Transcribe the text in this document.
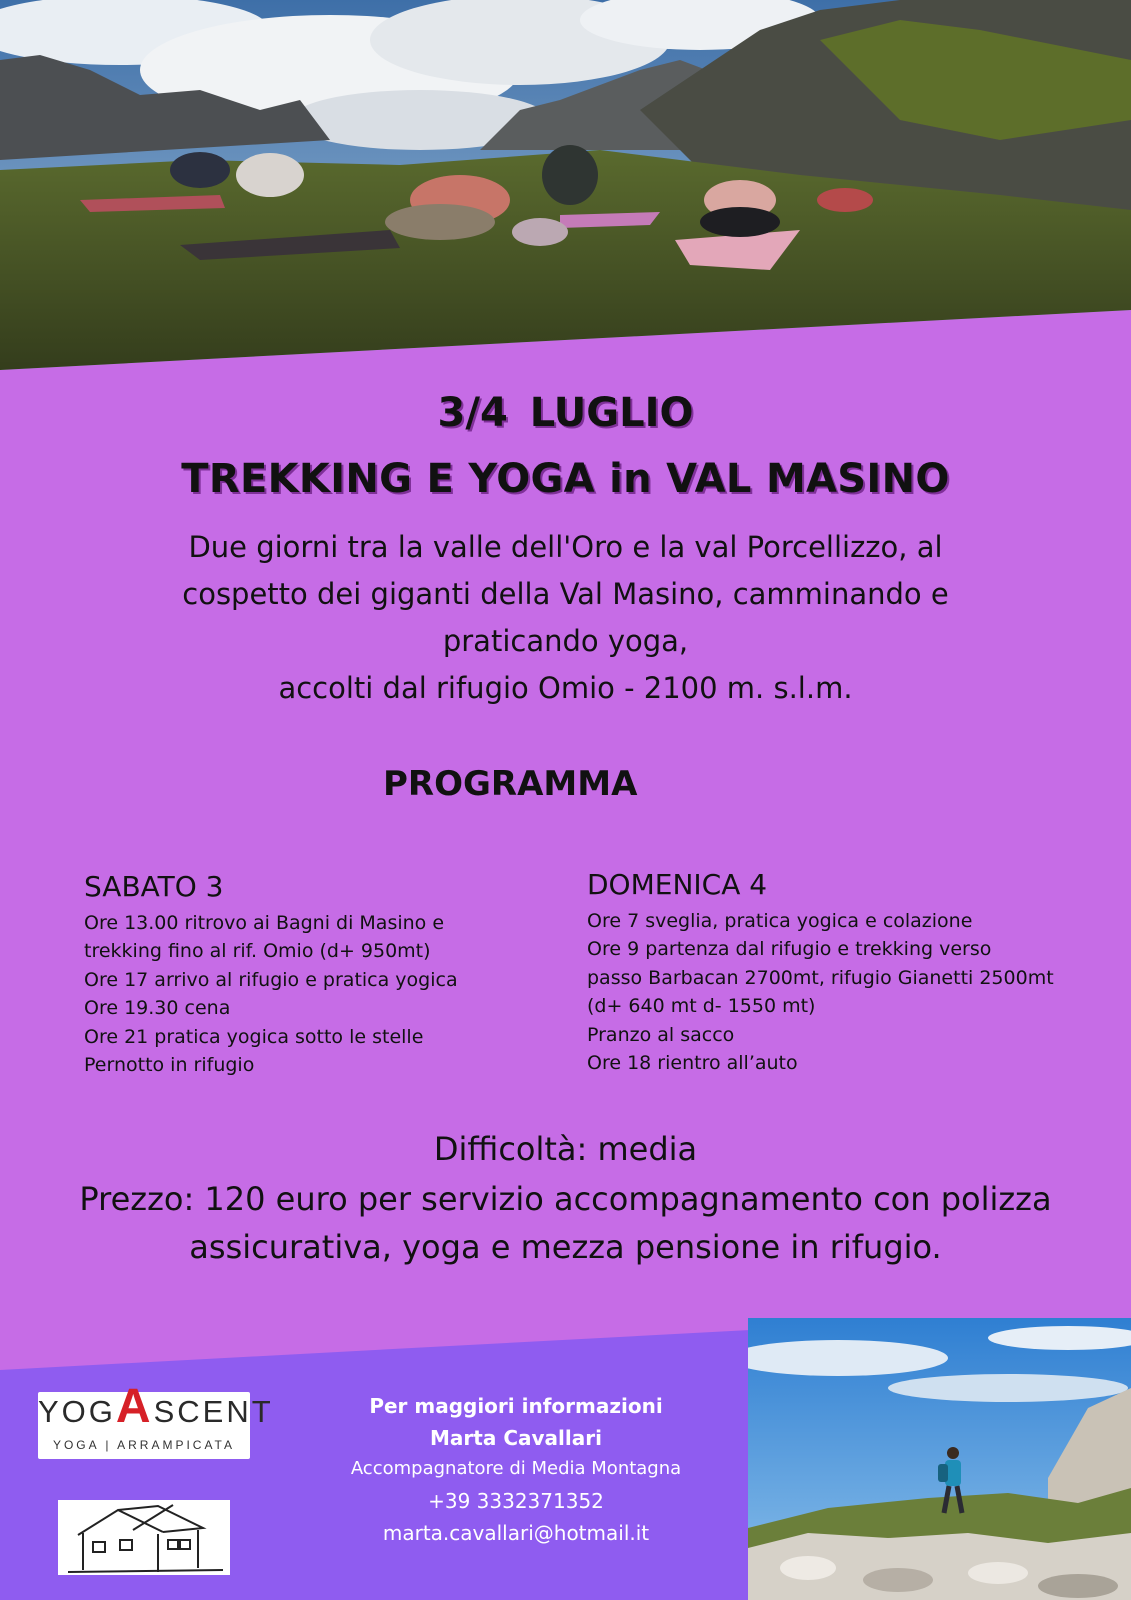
3/4 LUGLIO
TREKKING E YOGA in VAL MASINO

Due giorni tra la valle dell'Oro e la val Porcellizzo, al

cospetto dei giganti della Val Masino, camminando e

praticando yoga,

accolti dal rifugio Omio - 2100 m. s.l.m.

PROGRAMMA
SABATO 3
Ore 13.00 ritrovo ai Bagni di Masino e
trekking fino al rif. Omio (d+ 950mt)
Ore 17 arrivo al rifugio e pratica yogica
Ore 19.30 cena
Ore 21 pratica yogica sotto le stelle
Pernotto in rifugio
DOMENICA 4
Ore 7 sveglia, pratica yogica e colazione
Ore 9 partenza dal rifugio e trekking verso
passo Barbacan 2700mt, rifugio Gianetti 2500mt
(d+ 640 mt d- 1550 mt)
Pranzo al sacco
Ore 18 rientro all’auto
Difficoltà: media
Prezzo: 120 euro per servizio accompagnamento con polizza assicurativa, yoga e mezza pensione in rifugio.
YOGASCENT
YOGA | ARRAMPICATA
Per maggiori informazioni
Marta Cavallari
Accompagnatore di Media Montagna
+39 3332371352
marta.cavallari@hotmail.it
